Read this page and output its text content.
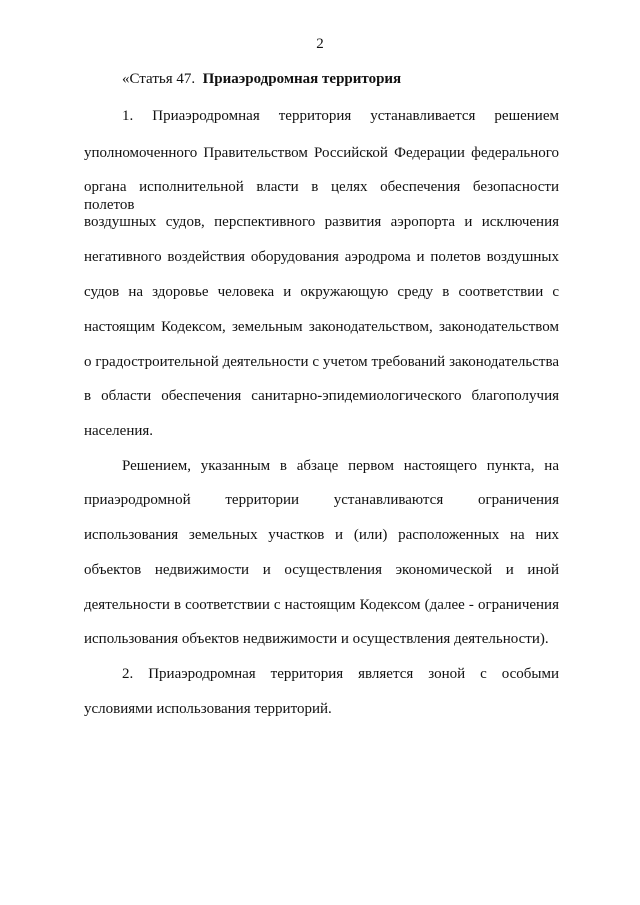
2
«Статья 47. Приаэродромная территория
1. Приаэродромная территория устанавливается решением
уполномоченного Правительством Российской Федерации федерального
органа исполнительной власти в целях обеспечения безопасности полетов
воздушных судов, перспективного развития аэропорта и исключения
негативного воздействия оборудования аэродрома и полетов воздушных
судов на здоровье человека и окружающую среду в соответствии с
настоящим Кодексом, земельным законодательством, законодательством
о градостроительной деятельности с учетом требований законодательства
в области обеспечения санитарно-эпидемиологического благополучия
населения.
Решением, указанным в абзаце первом настоящего пункта, на
приаэродромной территории устанавливаются ограничения
использования земельных участков и (или) расположенных на них
объектов недвижимости и осуществления экономической и иной
деятельности в соответствии с настоящим Кодексом (далее - ограничения
использования объектов недвижимости и осуществления деятельности).
2. Приаэродромная территория является зоной с особыми
условиями использования территорий.
